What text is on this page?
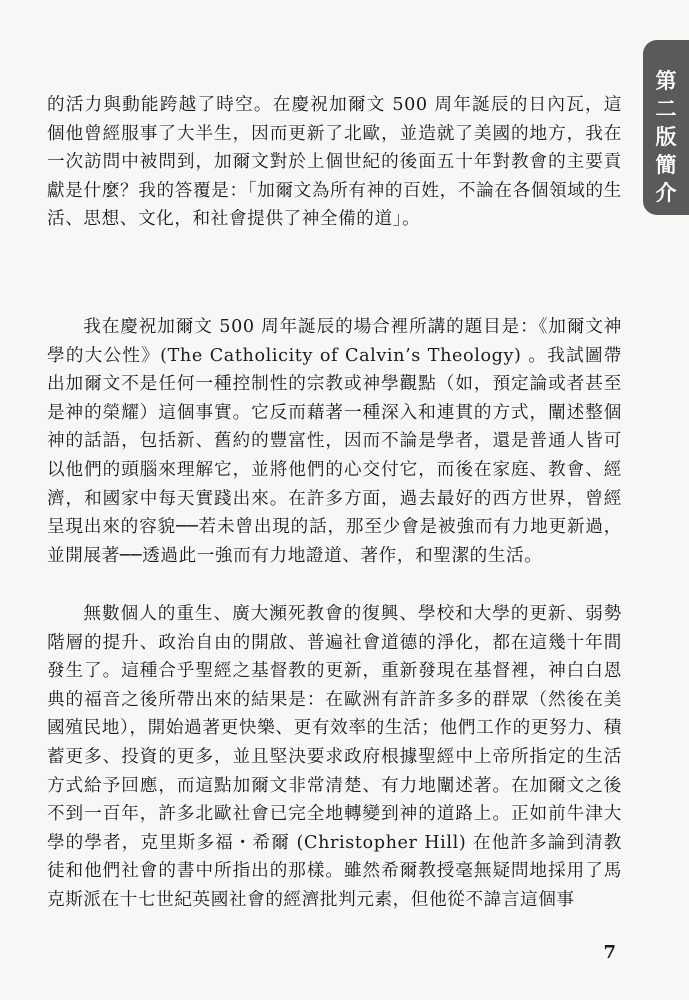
第
二
版
簡
介

的活力與動能跨越了時空。在慶祝加爾文 500 周年誕辰的日內瓦，這個他曾經服事了大半生，因而更新了北歐，並造就了美國的地方，我在一次訪問中被問到，加爾文對於上個世紀的後面五十年對教會的主要貢獻是什麼？我的答覆是：「加爾文為所有神的百姓，不論在各個領域的生活、思想、文化，和社會提供了神全備的道」。

我在慶祝加爾文 500 周年誕辰的場合裡所講的題目是：《加爾文神學的大公性》(The Catholicity of Calvin’s Theology) 。我試圖帶出加爾文不是任何一種控制性的宗教或神學觀點（如，預定論或者甚至是神的榮耀）這個事實。它反而藉著一種深入和連貫的方式，闡述整個神的話語，包括新、舊約的豐富性，因而不論是學者，還是普通人皆可以他們的頭腦來理解它，並將他們的心交付它，而後在家庭、教會、經濟，和國家中每天實踐出來。在許多方面，過去最好的西方世界，曾經呈現出來的容貌──若未曾出現的話，那至少會是被強而有力地更新過，並開展著──透過此一強而有力地證道、著作，和聖潔的生活。

無數個人的重生、廣大瀕死教會的復興、學校和大學的更新、弱勢階層的提升、政治自由的開啟、普遍社會道德的淨化，都在這幾十年間發生了。這種合乎聖經之基督教的更新，重新發現在基督裡，神白白恩典的福音之後所帶出來的結果是：在歐洲有許許多多的群眾（然後在美國殖民地），開始過著更快樂、更有效率的生活；他們工作的更努力、積蓄更多、投資的更多，並且堅決要求政府根據聖經中上帝所指定的生活方式給予回應，而這點加爾文非常清楚、有力地闡述著。在加爾文之後不到一百年，許多北歐社會已完全地轉變到神的道路上。正如前牛津大學的學者，克里斯多福・希爾 (Christopher Hill) 在他許多論到清教徒和他們社會的書中所指出的那樣。雖然希爾教授毫無疑問地採用了馬克斯派在十七世紀英國社會的經濟批判元素，但他從不諱言這個事

7
